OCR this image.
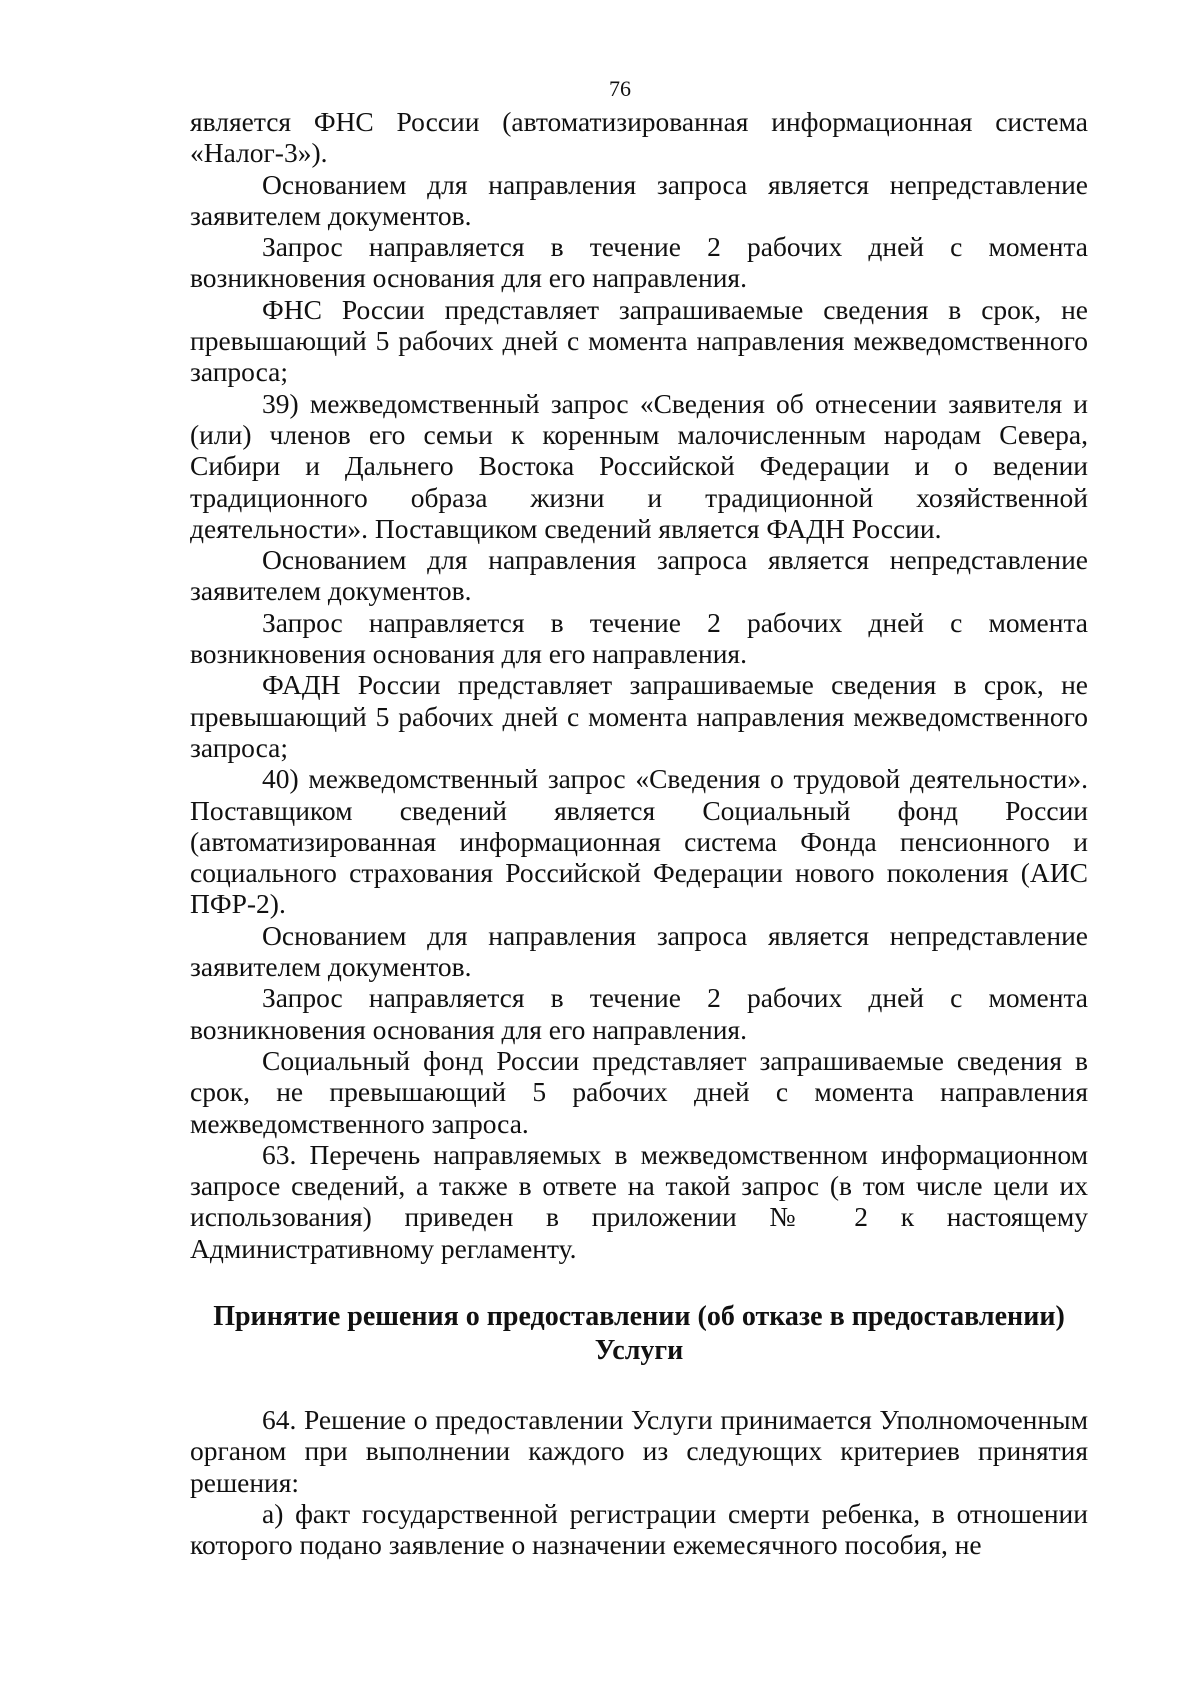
76

является ФНС России (автоматизированная информационная система «Налог-3»).

Основанием для направления запроса является непредставление заявителем документов.

Запрос направляется в течение 2 рабочих дней с момента возникновения основания для его направления.

ФНС России представляет запрашиваемые сведения в срок, не превышающий 5 рабочих дней с момента направления межведомственного запроса;

39) межведомственный запрос «Сведения об отнесении заявителя и (или) членов его семьи к коренным малочисленным народам Севера, Сибири и Дальнего Востока Российской Федерации и о ведении традиционного образа жизни и традиционной хозяйственной деятельности». Поставщиком сведений является ФАДН России.

Основанием для направления запроса является непредставление заявителем документов.

Запрос направляется в течение 2 рабочих дней с момента возникновения основания для его направления.

ФАДН России представляет запрашиваемые сведения в срок, не превышающий 5 рабочих дней с момента направления межведомственного запроса;

40) межведомственный запрос «Сведения о трудовой деятельности». Поставщиком сведений является Социальный фонд России (автоматизированная информационная система Фонда пенсионного и социального страхования Российской Федерации нового поколения (АИС ПФР-2).

Основанием для направления запроса является непредставление заявителем документов.

Запрос направляется в течение 2 рабочих дней с момента возникновения основания для его направления.

Социальный фонд России представляет запрашиваемые сведения в срок, не превышающий 5 рабочих дней с момента направления межведомственного запроса.

63. Перечень направляемых в межведомственном информационном запросе сведений, а также в ответе на такой запрос (в том числе цели их использования) приведен в приложении № 2 к настоящему Административному регламенту.

Принятие решения о предоставлении (об отказе в предоставлении)
Услуги

64. Решение о предоставлении Услуги принимается Уполномоченным органом при выполнении каждого из следующих критериев принятия решения:

а) факт государственной регистрации смерти ребенка, в отношении которого подано заявление о назначении ежемесячного пособия, не
